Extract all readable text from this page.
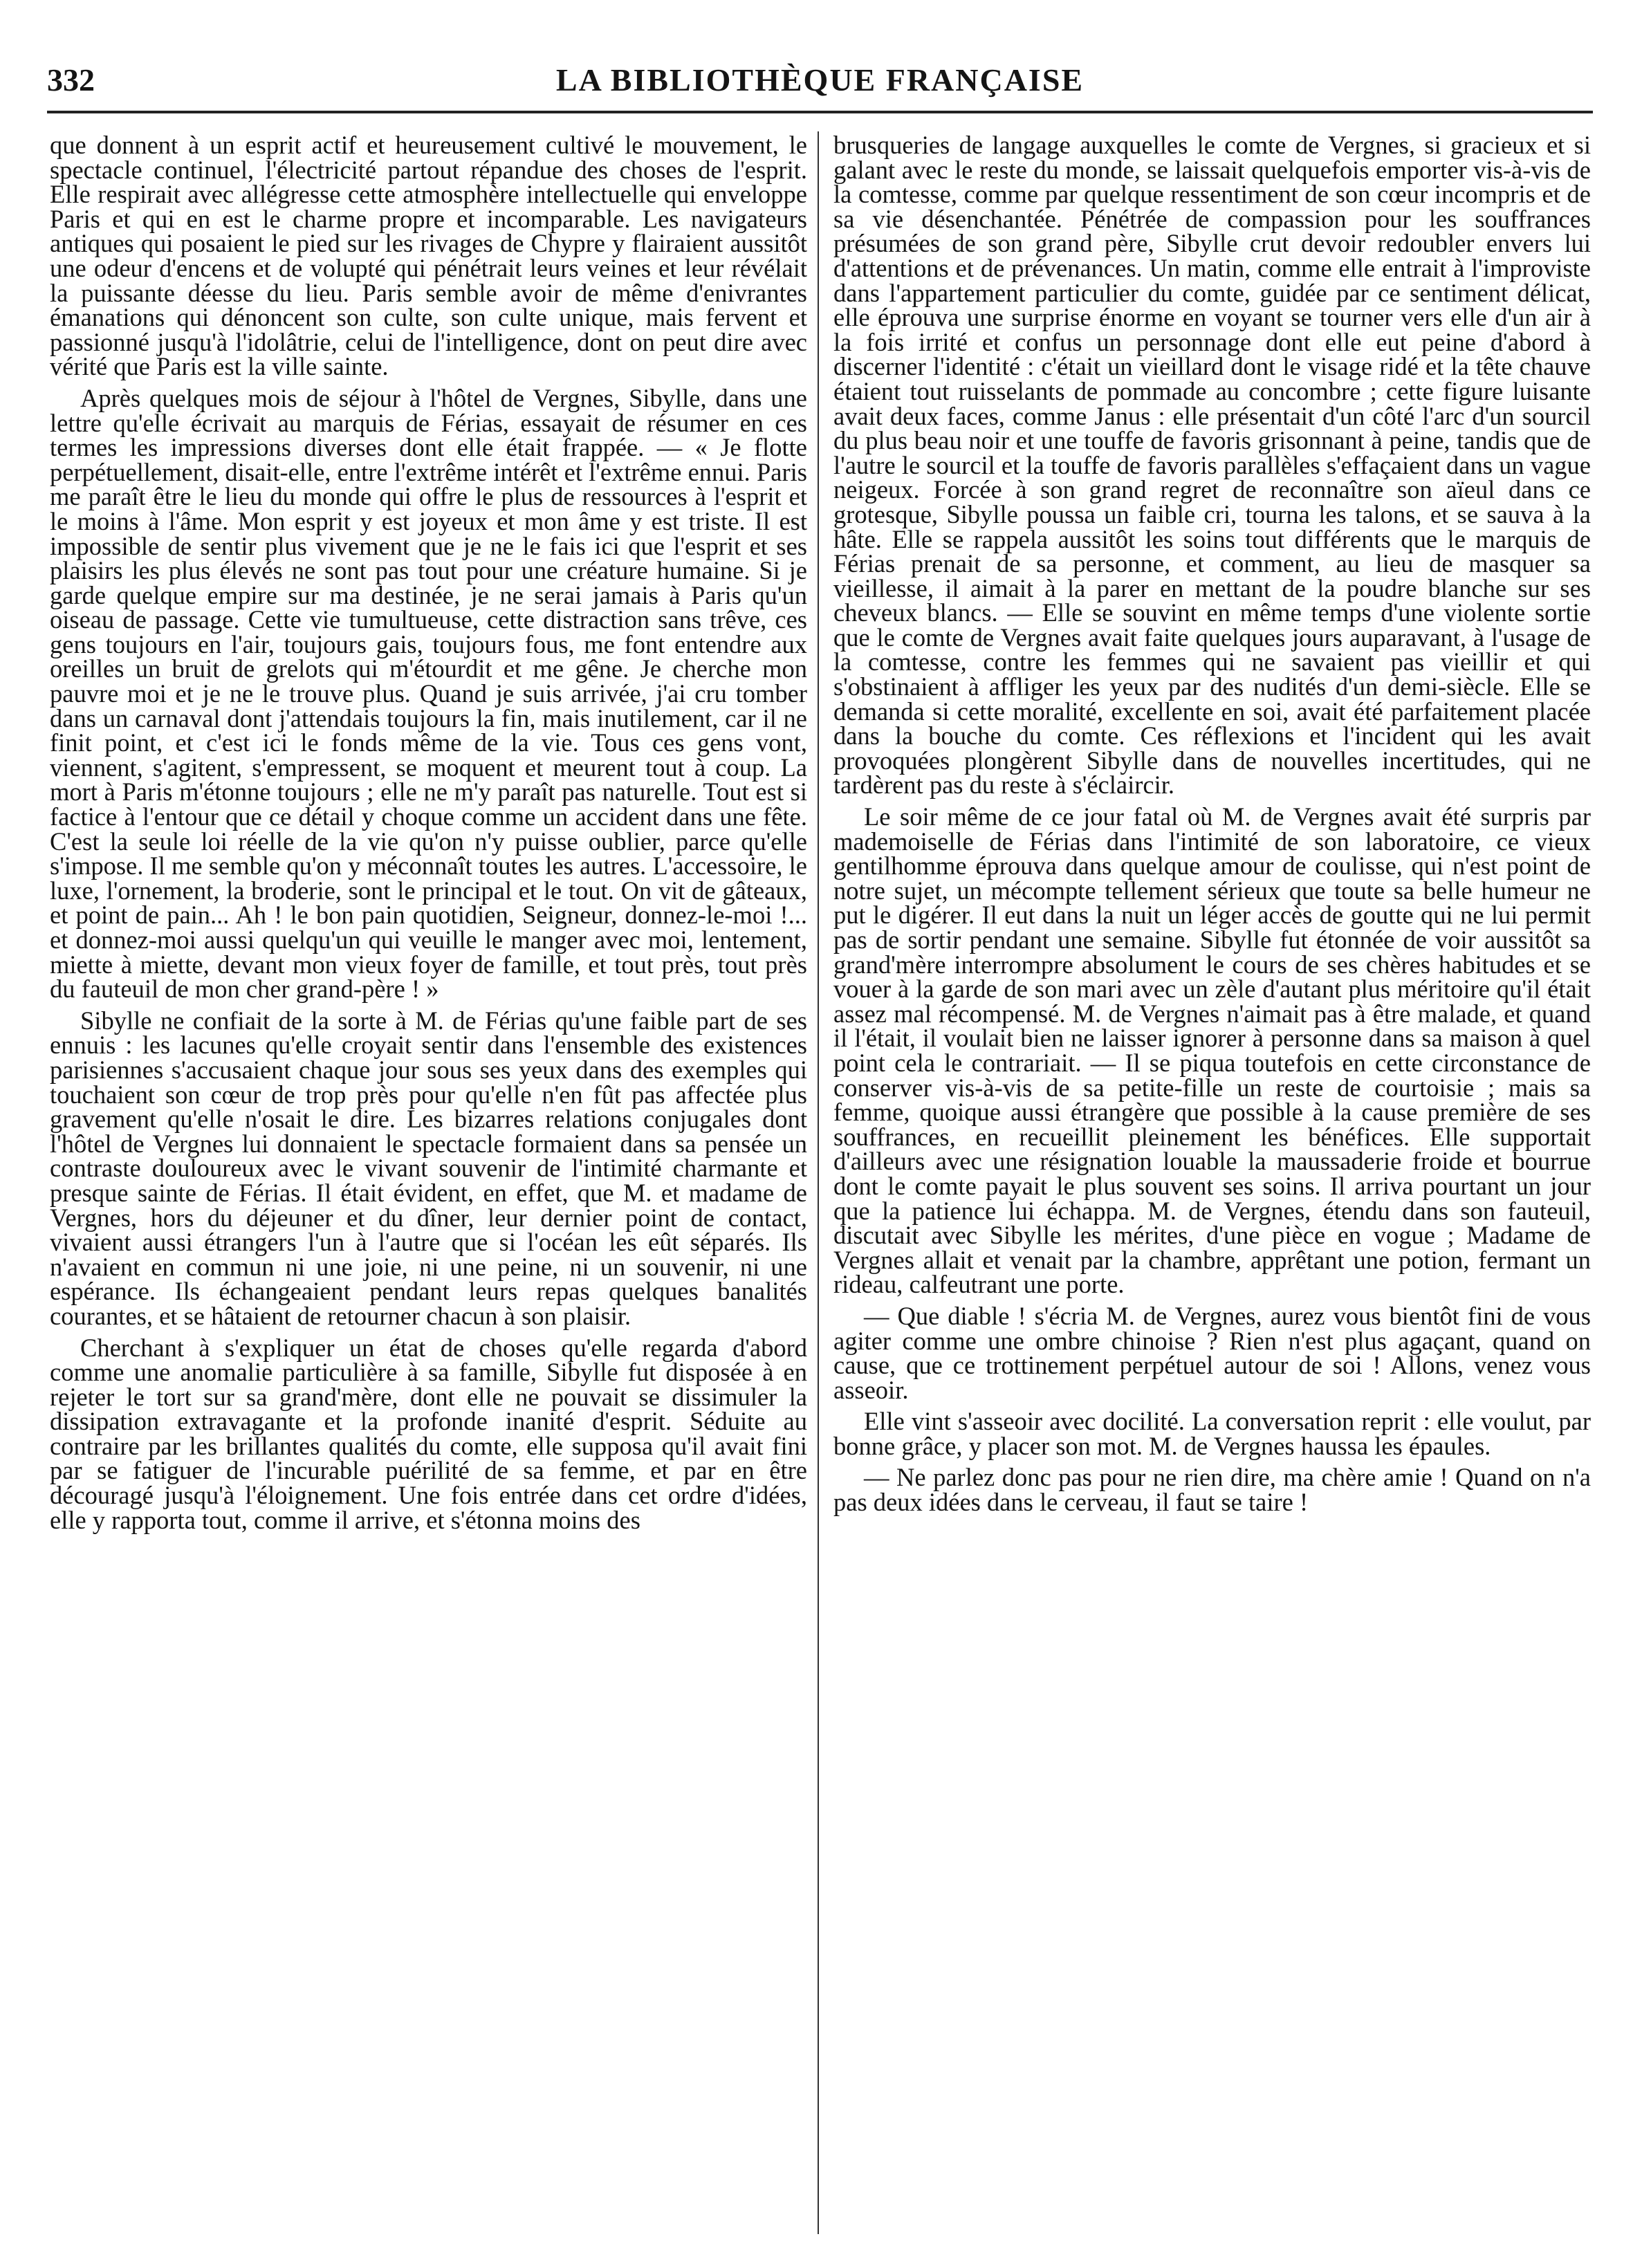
332	LA BIBLIOTHÈQUE FRANÇAISE

que donnent à un esprit actif et heureusement cultivé le mouvement, le spectacle continuel, l'électricité partout répandue des choses de l'esprit. Elle respirait avec allégresse cette atmosphère intellectuelle qui enveloppe Paris et qui en est le charme propre et incomparable. Les navigateurs antiques qui posaient le pied sur les rivages de Chypre y flairaient aussitôt une odeur d'encens et de volupté qui pénétrait leurs veines et leur révélait la puissante déesse du lieu. Paris semble avoir de même d'enivrantes émanations qui dénoncent son culte, son culte unique, mais fervent et passionné jusqu'à l'idolâtrie, celui de l'intelligence, dont on peut dire avec vérité que Paris est la ville sainte.

Après quelques mois de séjour à l'hôtel de Vergnes, Sibylle, dans une lettre qu'elle écrivait au marquis de Férias, essayait de résumer en ces termes les impressions diverses dont elle était frappée. — « Je flotte perpétuellement, disait-elle, entre l'extrême intérêt et l'extrême ennui. Paris me paraît être le lieu du monde qui offre le plus de ressources à l'esprit et le moins à l'âme. Mon esprit y est joyeux et mon âme y est triste. Il est impossible de sentir plus vivement que je ne le fais ici que l'esprit et ses plaisirs les plus élevés ne sont pas tout pour une créature humaine. Si je garde quelque empire sur ma destinée, je ne serai jamais à Paris qu'un oiseau de passage. Cette vie tumultueuse, cette distraction sans trêve, ces gens toujours en l'air, toujours gais, toujours fous, me font entendre aux oreilles un bruit de grelots qui m'étourdit et me gêne. Je cherche mon pauvre moi et je ne le trouve plus. Quand je suis arrivée, j'ai cru tomber dans un carnaval dont j'attendais toujours la fin, mais inutilement, car il ne finit point, et c'est ici le fonds même de la vie. Tous ces gens vont, viennent, s'agitent, s'empressent, se moquent et meurent tout à coup. La mort à Paris m'étonne toujours ; elle ne m'y paraît pas naturelle. Tout est si factice à l'entour que ce détail y choque comme un accident dans une fête. C'est la seule loi réelle de la vie qu'on n'y puisse oublier, parce qu'elle s'impose. Il me semble qu'on y méconnaît toutes les autres. L'accessoire, le luxe, l'ornement, la broderie, sont le principal et le tout. On vit de gâteaux, et point de pain... Ah ! le bon pain quotidien, Seigneur, donnez-le-moi !... et donnez-moi aussi quelqu'un qui veuille le manger avec moi, lentement, miette à miette, devant mon vieux foyer de famille, et tout près, tout près du fauteuil de mon cher grand-père ! »

Sibylle ne confiait de la sorte à M. de Férias qu'une faible part de ses ennuis : les lacunes qu'elle croyait sentir dans l'ensemble des existences parisiennes s'accusaient chaque jour sous ses yeux dans des exemples qui touchaient son cœur de trop près pour qu'elle n'en fût pas affectée plus gravement qu'elle n'osait le dire. Les bizarres relations conjugales dont l'hôtel de Vergnes lui donnaient le spectacle formaient dans sa pensée un contraste douloureux avec le vivant souvenir de l'intimité charmante et presque sainte de Férias. Il était évident, en effet, que M. et madame de Vergnes, hors du déjeuner et du dîner, leur dernier point de contact, vivaient aussi étrangers l'un à l'autre que si l'océan les eût séparés. Ils n'avaient en commun ni une joie, ni une peine, ni un souvenir, ni une espérance. Ils échangeaient pendant leurs repas quelques banalités courantes, et se hâtaient de retourner chacun à son plaisir.

Cherchant à s'expliquer un état de choses qu'elle regarda d'abord comme une anomalie particulière à sa famille, Sibylle fut disposée à en rejeter le tort sur sa grand'mère, dont elle ne pouvait se dissimuler la dissipation extravagante et la profonde inanité d'esprit. Séduite au contraire par les brillantes qualités du comte, elle supposa qu'il avait fini par se fatiguer de l'incurable puérilité de sa femme, et par en être découragé jusqu'à l'éloignement. Une fois entrée dans cet ordre d'idées, elle y rapporta tout, comme il arrive, et s'étonna moins des

brusqueries de langage auxquelles le comte de Vergnes, si gracieux et si galant avec le reste du monde, se laissait quelquefois emporter vis-à-vis de la comtesse, comme par quelque ressentiment de son cœur incompris et de sa vie désenchantée. Pénétrée de compassion pour les souffrances présumées de son grand père, Sibylle crut devoir redoubler envers lui d'attentions et de prévenances. Un matin, comme elle entrait à l'improviste dans l'appartement particulier du comte, guidée par ce sentiment délicat, elle éprouva une surprise énorme en voyant se tourner vers elle d'un air à la fois irrité et confus un personnage dont elle eut peine d'abord à discerner l'identité : c'était un vieillard dont le visage ridé et la tête chauve étaient tout ruisselants de pommade au concombre ; cette figure luisante avait deux faces, comme Janus : elle présentait d'un côté l'arc d'un sourcil du plus beau noir et une touffe de favoris grisonnant à peine, tandis que de l'autre le sourcil et la touffe de favoris parallèles s'effaçaient dans un vague neigeux. Forcée à son grand regret de reconnaître son aïeul dans ce grotesque, Sibylle poussa un faible cri, tourna les talons, et se sauva à la hâte. Elle se rappela aussitôt les soins tout différents que le marquis de Férias prenait de sa personne, et comment, au lieu de masquer sa vieillesse, il aimait à la parer en mettant de la poudre blanche sur ses cheveux blancs. — Elle se souvint en même temps d'une violente sortie que le comte de Vergnes avait faite quelques jours auparavant, à l'usage de la comtesse, contre les femmes qui ne savaient pas vieillir et qui s'obstinaient à affliger les yeux par des nudités d'un demi-siècle. Elle se demanda si cette moralité, excellente en soi, avait été parfaitement placée dans la bouche du comte. Ces réflexions et l'incident qui les avait provoquées plongèrent Sibylle dans de nouvelles incertitudes, qui ne tardèrent pas du reste à s'éclaircir.

Le soir même de ce jour fatal où M. de Vergnes avait été surpris par mademoiselle de Férias dans l'intimité de son laboratoire, ce vieux gentilhomme éprouva dans quelque amour de coulisse, qui n'est point de notre sujet, un mécompte tellement sérieux que toute sa belle humeur ne put le digérer. Il eut dans la nuit un léger accès de goutte qui ne lui permit pas de sortir pendant une semaine. Sibylle fut étonnée de voir aussitôt sa grand'mère interrompre absolument le cours de ses chères habitudes et se vouer à la garde de son mari avec un zèle d'autant plus méritoire qu'il était assez mal récompensé. M. de Vergnes n'aimait pas à être malade, et quand il l'était, il voulait bien ne laisser ignorer à personne dans sa maison à quel point cela le contrariait. — Il se piqua toutefois en cette circonstance de conserver vis-à-vis de sa petite-fille un reste de courtoisie ; mais sa femme, quoique aussi étrangère que possible à la cause première de ses souffrances, en recueillit pleinement les bénéfices. Elle supportait d'ailleurs avec une résignation louable la maussaderie froide et bourrue dont le comte payait le plus souvent ses soins. Il arriva pourtant un jour que la patience lui échappa. M. de Vergnes, étendu dans son fauteuil, discutait avec Sibylle les mérites, d'une pièce en vogue ; Madame de Vergnes allait et venait par la chambre, apprêtant une potion, fermant un rideau, calfeutrant une porte.

— Que diable ! s'écria M. de Vergnes, aurez vous bientôt fini de vous agiter comme une ombre chinoise ? Rien n'est plus agaçant, quand on cause, que ce trottinement perpétuel autour de soi ! Allons, venez vous asseoir.

Elle vint s'asseoir avec docilité. La conversation reprit : elle voulut, par bonne grâce, y placer son mot. M. de Vergnes haussa les épaules.

— Ne parlez donc pas pour ne rien dire, ma chère amie ! Quand on n'a pas deux idées dans le cerveau, il faut se taire !
